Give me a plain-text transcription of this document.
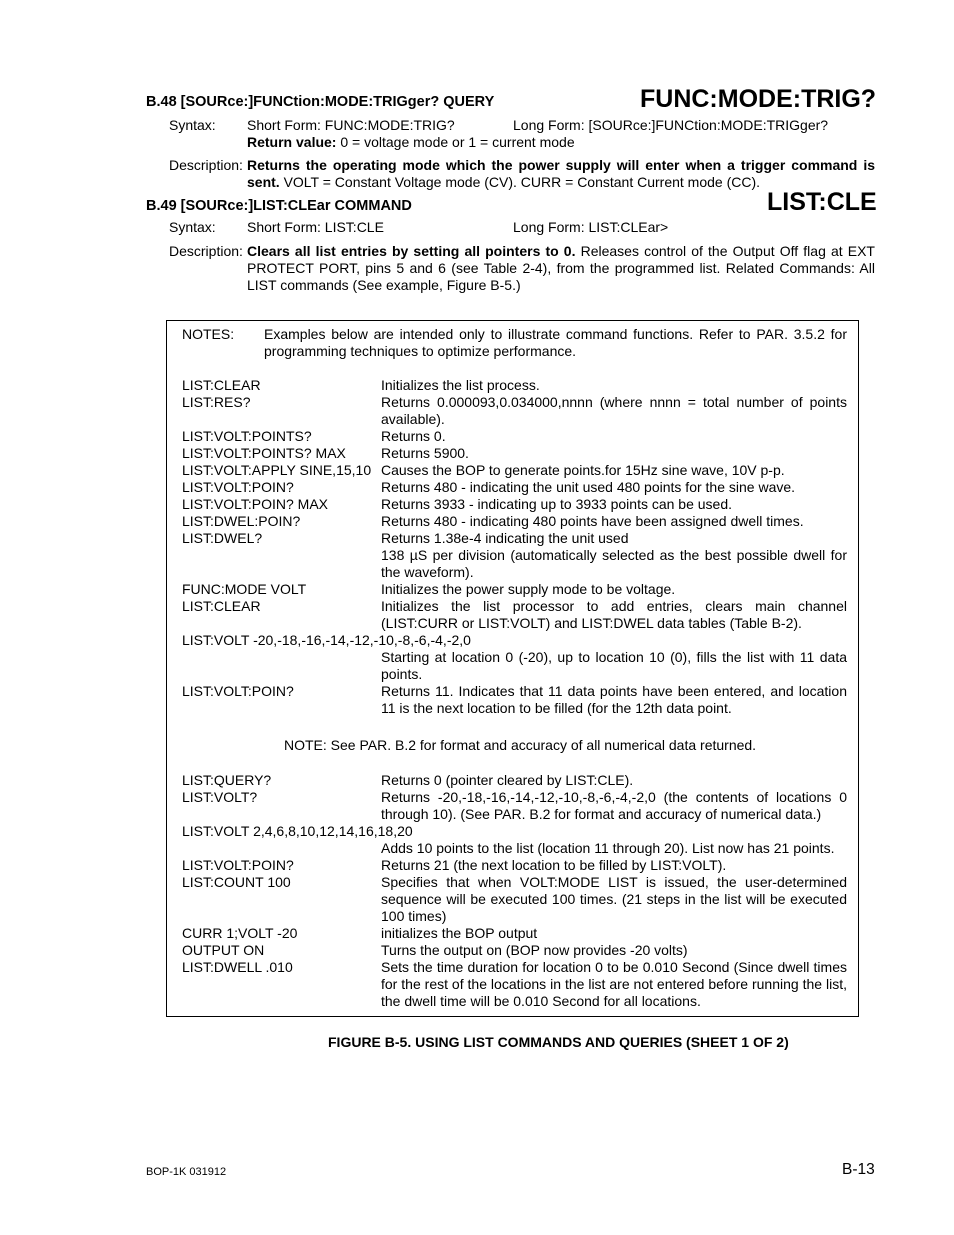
B.48 [SOURce:]FUNCtion:MODE:TRIGger? QUERY	FUNC:MODE:TRIG?
Syntax: Short Form: FUNC:MODE:TRIG?	Long Form: [SOURce:]FUNCtion:MODE:TRIGger?
Return value: 0 = voltage mode or 1 = current mode
Description: Returns the operating mode which the power supply will enter when a trigger command is sent. VOLT = Constant Voltage mode (CV). CURR = Constant Current mode (CC).
B.49 [SOURce:]LIST:CLEar COMMAND	LIST:CLE
Syntax: Short Form: LIST:CLE	Long Form: LIST:CLEar>
Description: Clears all list entries by setting all pointers to 0. Releases control of the Output Off flag at EXT PROTECT PORT, pins 5 and 6 (see Table 2-4), from the programmed list. Related Commands: All LIST commands (See example, Figure B-5.)
NOTES: Examples below are intended only to illustrate command functions. Refer to PAR. 3.5.2 for programming techniques to optimize performance.
LIST:CLEAR	Initializes the list process.
LIST:RES?	Returns 0.000093,0.034000,nnnn (where nnnn = total number of points available).
LIST:VOLT:POINTS?	Returns 0.
LIST:VOLT:POINTS? MAX	Returns 5900.
LIST:VOLT:APPLY SINE,15,10 Causes the BOP to generate points.for 15Hz sine wave, 10V p-p.
LIST:VOLT:POIN?	Returns 480 - indicating the unit used 480 points for the sine wave.
LIST:VOLT:POIN? MAX	Returns 3933 - indicating up to 3933 points can be used.
LIST:DWEL:POIN?	Returns 480 - indicating 480 points have been assigned dwell times.
LIST:DWEL?	Returns 1.38e-4 indicating the unit used
138 µS per division (automatically selected as the best possible dwell for the waveform).
FUNC:MODE VOLT	Initializes the power supply mode to be voltage.
LIST:CLEAR	Initializes the list processor to add entries, clears main channel (LIST:CURR or LIST:VOLT) and LIST:DWEL data tables (Table B-2).
LIST:VOLT -20,-18,-16,-14,-12,-10,-8,-6,-4,-2,0
Starting at location 0 (-20), up to location 10 (0), fills the list with 11 data points.
LIST:VOLT:POIN?	Returns 11. Indicates that 11 data points have been entered, and location 11 is the next location to be filled (for the 12th data point.
NOTE: See PAR. B.2 for format and accuracy of all numerical data returned.
LIST:QUERY?	Returns 0 (pointer cleared by LIST:CLE).
LIST:VOLT?	Returns -20,-18,-16,-14,-12,-10,-8,-6,-4,-2,0 (the contents of locations 0 through 10). (See PAR. B.2 for format and accuracy of numerical data.)
LIST:VOLT 2,4,6,8,10,12,14,16,18,20
Adds 10 points to the list (location 11 through 20). List now has 21 points.
LIST:VOLT:POIN?	Returns 21 (the next location to be filled by LIST:VOLT).
LIST:COUNT 100	Specifies that when VOLT:MODE LIST is issued, the user-determined sequence will be executed 100 times. (21 steps in the list will be executed 100 times)
CURR 1;VOLT -20	initializes the BOP output
OUTPUT ON	Turns the output on (BOP now provides -20 volts)
LIST:DWELL .010	Sets the time duration for location 0 to be 0.010 Second (Since dwell times for the rest of the locations in the list are not entered before running the list, the dwell time will be 0.010 Second for all locations.
FIGURE B-5. USING LIST COMMANDS AND QUERIES (SHEET 1 OF 2)
BOP-1K 031912	B-13
